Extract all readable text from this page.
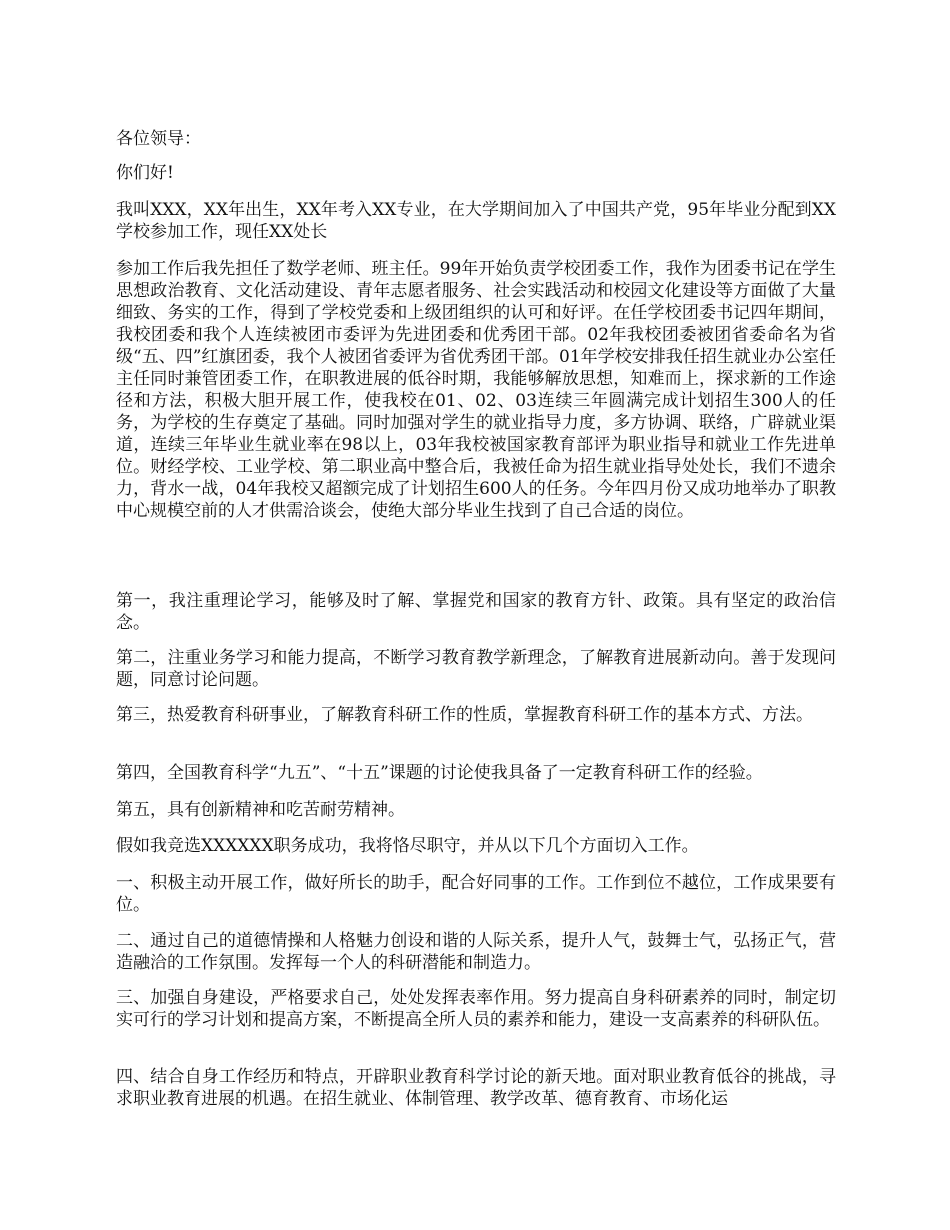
各位领导：

你们好!

我叫XXX，XX年出生，XX年考入XX专业，在大学期间加入了中国共产党，95年毕业分配到XX学校参加工作，现任XX处长

参加工作后我先担任了数学老师、班主任。99年开始负责学校团委工作，我作为团委书记在学生思想政治教育、文化活动建设、青年志愿者服务、社会实践活动和校园文化建设等方面做了大量细致、务实的工作，得到了学校党委和上级团组织的认可和好评。在任学校团委书记四年期间，我校团委和我个人连续被团市委评为先进团委和优秀团干部。02年我校团委被团省委命名为省级“五、四”红旗团委，我个人被团省委评为省优秀团干部。01年学校安排我任招生就业办公室任主任同时兼管团委工作，在职教进展的低谷时期，我能够解放思想，知难而上，探求新的工作途径和方法，积极大胆开展工作，使我校在01、02、03连续三年圆满完成计划招生300人的任务，为学校的生存奠定了基础。同时加强对学生的就业指导力度，多方协调、联络，广辟就业渠道，连续三年毕业生就业率在98以上，03年我校被国家教育部评为职业指导和就业工作先进单位。财经学校、工业学校、第二职业高中整合后，我被任命为招生就业指导处处长，我们不遗余力，背水一战，04年我校又超额完成了计划招生600人的任务。今年四月份又成功地举办了职教中心规模空前的人才供需洽谈会，使绝大部分毕业生找到了自己合适的岗位。

第一，我注重理论学习，能够及时了解、掌握党和国家的教育方针、政策。具有坚定的政治信念。

第二，注重业务学习和能力提高，不断学习教育教学新理念，了解教育进展新动向。善于发现问题，同意讨论问题。

第三，热爱教育科研事业，了解教育科研工作的性质，掌握教育科研工作的基本方式、方法。

第四，全国教育科学“九五”、“十五”课题的讨论使我具备了一定教育科研工作的经验。

第五，具有创新精神和吃苦耐劳精神。

假如我竞选XXXXXX职务成功，我将恪尽职守，并从以下几个方面切入工作。

一、积极主动开展工作，做好所长的助手，配合好同事的工作。工作到位不越位，工作成果要有位。

二、通过自己的道德情操和人格魅力创设和谐的人际关系，提升人气，鼓舞士气，弘扬正气，营造融洽的工作氛围。发挥每一个人的科研潜能和制造力。

三、加强自身建设，严格要求自己，处处发挥表率作用。努力提高自身科研素养的同时，制定切实可行的学习计划和提高方案，不断提高全所人员的素养和能力，建设一支高素养的科研队伍。

四、结合自身工作经历和特点，开辟职业教育科学讨论的新天地。面对职业教育低谷的挑战，寻求职业教育进展的机遇。在招生就业、体制管理、教学改革、德育教育、市场化运
